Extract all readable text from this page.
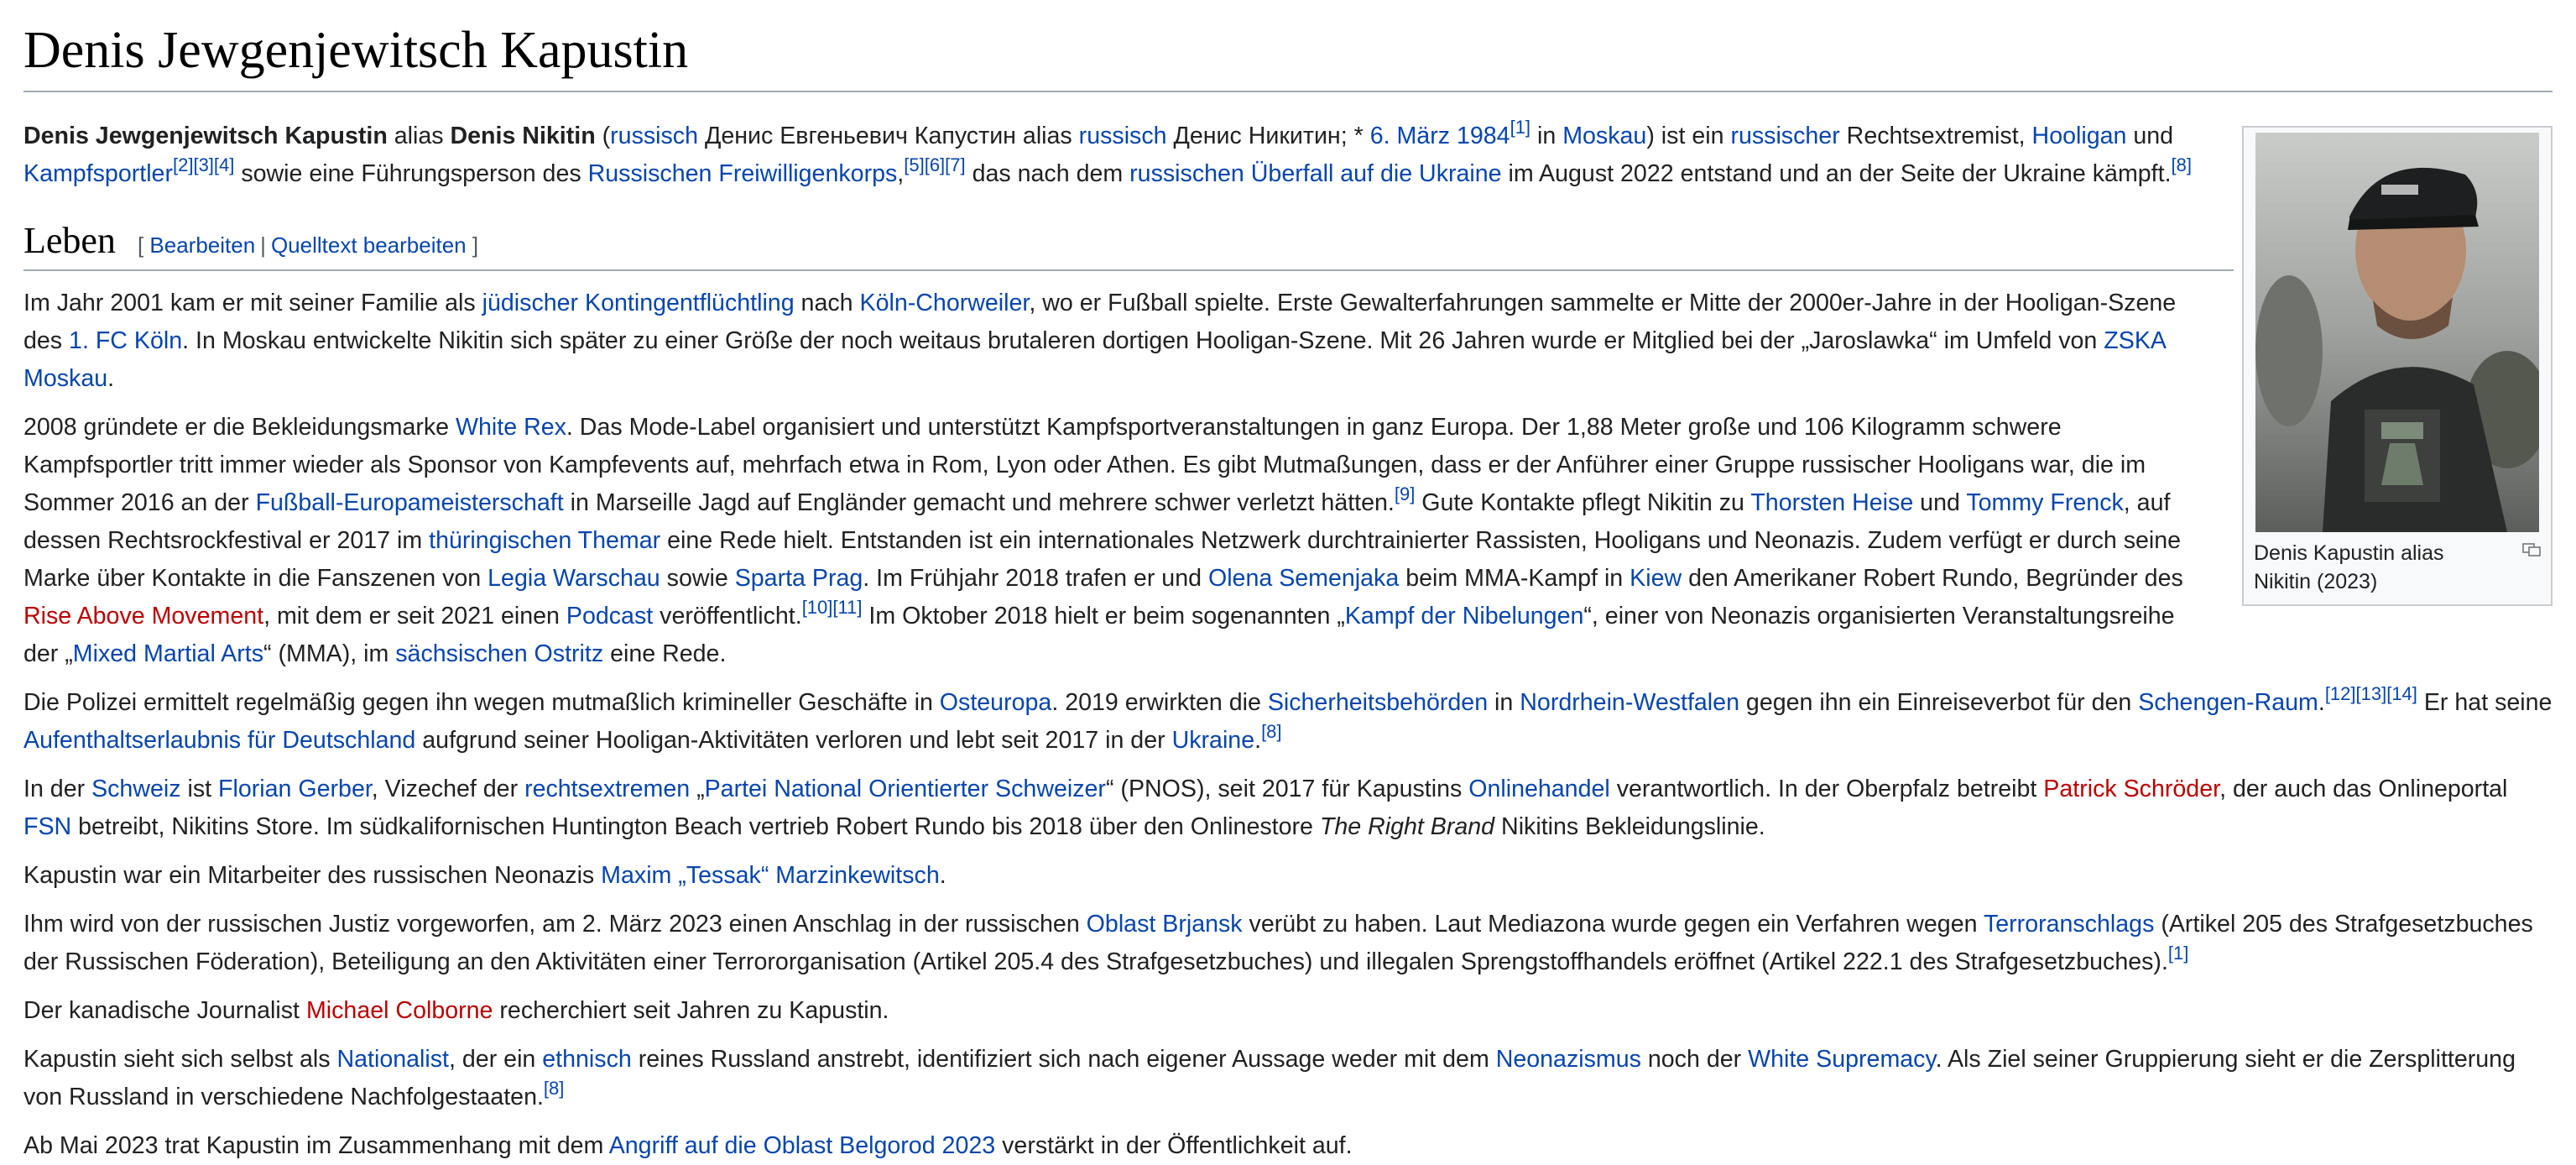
Denis Jewgenjewitsch Kapustin
Denis Kapustin alias Nikitin (2023)

Denis Jewgenjewitsch Kapustin alias Denis Nikitin (russisch Денис Евгеньевич Капустин alias russisch Денис Никитин; * 6. März 1984[1] in Moskau) ist ein russischer Rechtsextremist, Hooligan und Kampfsportler[2][3][4] sowie eine Führungsperson des Russischen Freiwilligenkorps,[5][6][7] das nach dem russischen Überfall auf die Ukraine im August 2022 entstand und an der Seite der Ukraine kämpft.[8]

Leben [ Bearbeiten | Quelltext bearbeiten ]

Im Jahr 2001 kam er mit seiner Familie als jüdischer Kontingentflüchtling nach Köln-Chorweiler, wo er Fußball spielte. Erste Gewalterfahrungen sammelte er Mitte der 2000er-Jahre in der Hooligan-Szene des 1. FC Köln. In Moskau entwickelte Nikitin sich später zu einer Größe der noch weitaus brutaleren dortigen Hooligan-Szene. Mit 26 Jahren wurde er Mitglied bei der „Jaroslawka“ im Umfeld von ZSKA Moskau.

2008 gründete er die Bekleidungsmarke White Rex. Das Mode-Label organisiert und unterstützt Kampfsportveranstaltungen in ganz Europa. Der 1,88 Meter große und 106 Kilogramm schwere Kampfsportler tritt immer wieder als Sponsor von Kampfevents auf, mehrfach etwa in Rom, Lyon oder Athen. Es gibt Mutmaßungen, dass er der Anführer einer Gruppe russischer Hooligans war, die im Sommer 2016 an der Fußball-Europameisterschaft in Marseille Jagd auf Engländer gemacht und mehrere schwer verletzt hätten.[9] Gute Kontakte pflegt Nikitin zu Thorsten Heise und Tommy Frenck, auf dessen Rechtsrockfestival er 2017 im thüringischen Themar eine Rede hielt. Entstanden ist ein internationales Netzwerk durchtrainierter Rassisten, Hooligans und Neonazis. Zudem verfügt er durch seine Marke über Kontakte in die Fanszenen von Legia Warschau sowie Sparta Prag. Im Frühjahr 2018 trafen er und Olena Semenjaka beim MMA-Kampf in Kiew den Amerikaner Robert Rundo, Begründer des Rise Above Movement, mit dem er seit 2021 einen Podcast veröffentlicht.[10][11] Im Oktober 2018 hielt er beim sogenannten „Kampf der Nibelungen“, einer von Neonazis organisierten Veranstaltungsreihe der „Mixed Martial Arts“ (MMA), im sächsischen Ostritz eine Rede.

Die Polizei ermittelt regelmäßig gegen ihn wegen mutmaßlich krimineller Geschäfte in Osteuropa. 2019 erwirkten die Sicherheitsbehörden in Nordrhein-Westfalen gegen ihn ein Einreiseverbot für den Schengen-Raum.[12][13][14] Er hat seine Aufenthaltserlaubnis für Deutschland aufgrund seiner Hooligan-Aktivitäten verloren und lebt seit 2017 in der Ukraine.[8]

In der Schweiz ist Florian Gerber, Vizechef der rechtsextremen „Partei National Orientierter Schweizer“ (PNOS), seit 2017 für Kapustins Onlinehandel verantwortlich. In der Oberpfalz betreibt Patrick Schröder, der auch das Onlineportal FSN betreibt, Nikitins Store. Im südkalifornischen Huntington Beach vertrieb Robert Rundo bis 2018 über den Onlinestore The Right Brand Nikitins Bekleidungslinie.

Kapustin war ein Mitarbeiter des russischen Neonazis Maxim „Tessak“ Marzinkewitsch.

Ihm wird von der russischen Justiz vorgeworfen, am 2. März 2023 einen Anschlag in der russischen Oblast Brjansk verübt zu haben. Laut Mediazona wurde gegen ein Verfahren wegen Terroranschlags (Artikel 205 des Strafgesetzbuches der Russischen Föderation), Beteiligung an den Aktivitäten einer Terrororganisation (Artikel 205.4 des Strafgesetzbuches) und illegalen Sprengstoffhandels eröffnet (Artikel 222.1 des Strafgesetzbuches).[1]

Der kanadische Journalist Michael Colborne recherchiert seit Jahren zu Kapustin.

Kapustin sieht sich selbst als Nationalist, der ein ethnisch reines Russland anstrebt, identifiziert sich nach eigener Aussage weder mit dem Neonazismus noch der White Supremacy. Als Ziel seiner Gruppierung sieht er die Zersplitterung von Russland in verschiedene Nachfolgestaaten.[8]

Ab Mai 2023 trat Kapustin im Zusammenhang mit dem Angriff auf die Oblast Belgorod 2023 verstärkt in der Öffentlichkeit auf.
